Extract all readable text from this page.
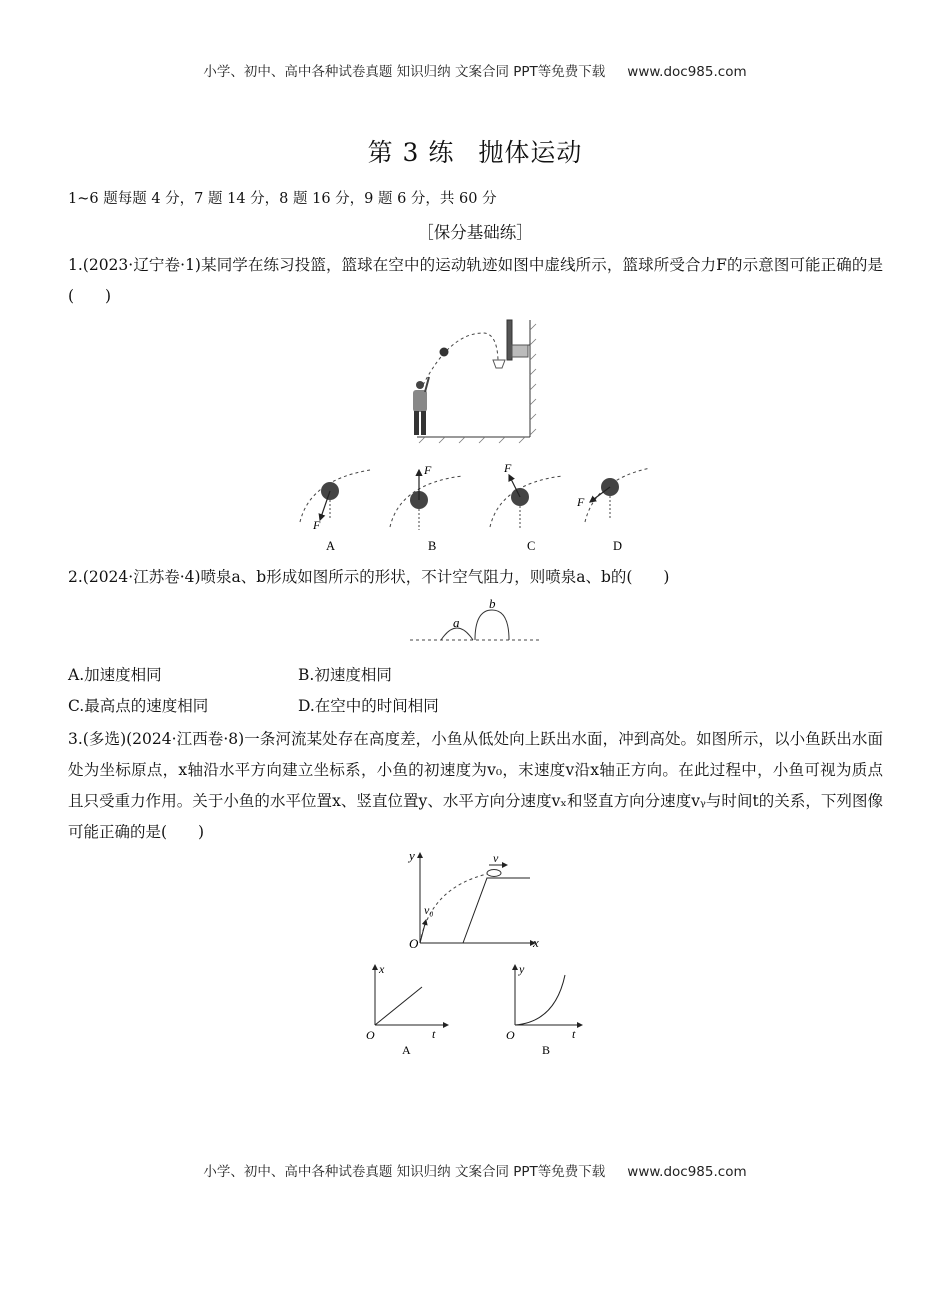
小学、初中、高中各种试卷真题 知识归纳 文案合同 PPT等免费下载 www.doc985.com
第 3 练 抛体运动
1~6 题每题 4 分，7 题 14 分，8 题 16 分，9 题 6 分，共 60 分
［保分基础练］
1.(2023·辽宁卷·1)某同学在练习投篮，篮球在空中的运动轨迹如图中虚线所示，篮球所受合力F的示意图可能正确的是(　　)
F
A
F
B
F
C
F
D
2.(2024·江苏卷·4)喷泉a、b形成如图所示的形状，不计空气阻力，则喷泉a、b的(　　)
a
b
A.加速度相同	B.初速度相同
C.最高点的速度相同	D.在空中的时间相同
3.(多选)(2024·江西卷·8)一条河流某处存在高度差，小鱼从低处向上跃出水面，冲到高处。如图所示，以小鱼跃出水面处为坐标原点，x轴沿水平方向建立坐标系，小鱼的初速度为v₀，末速度v沿x轴正方向。在此过程中，小鱼可视为质点且只受重力作用。关于小鱼的水平位置x、竖直位置y、水平方向分速度vₓ和竖直方向分速度vᵧ与时间t的关系，下列图像可能正确的是(　　)
y
x
O
v₀
v
x
t
O
A
y
t
O
B
小学、初中、高中各种试卷真题 知识归纳 文案合同 PPT等免费下载 www.doc985.com
